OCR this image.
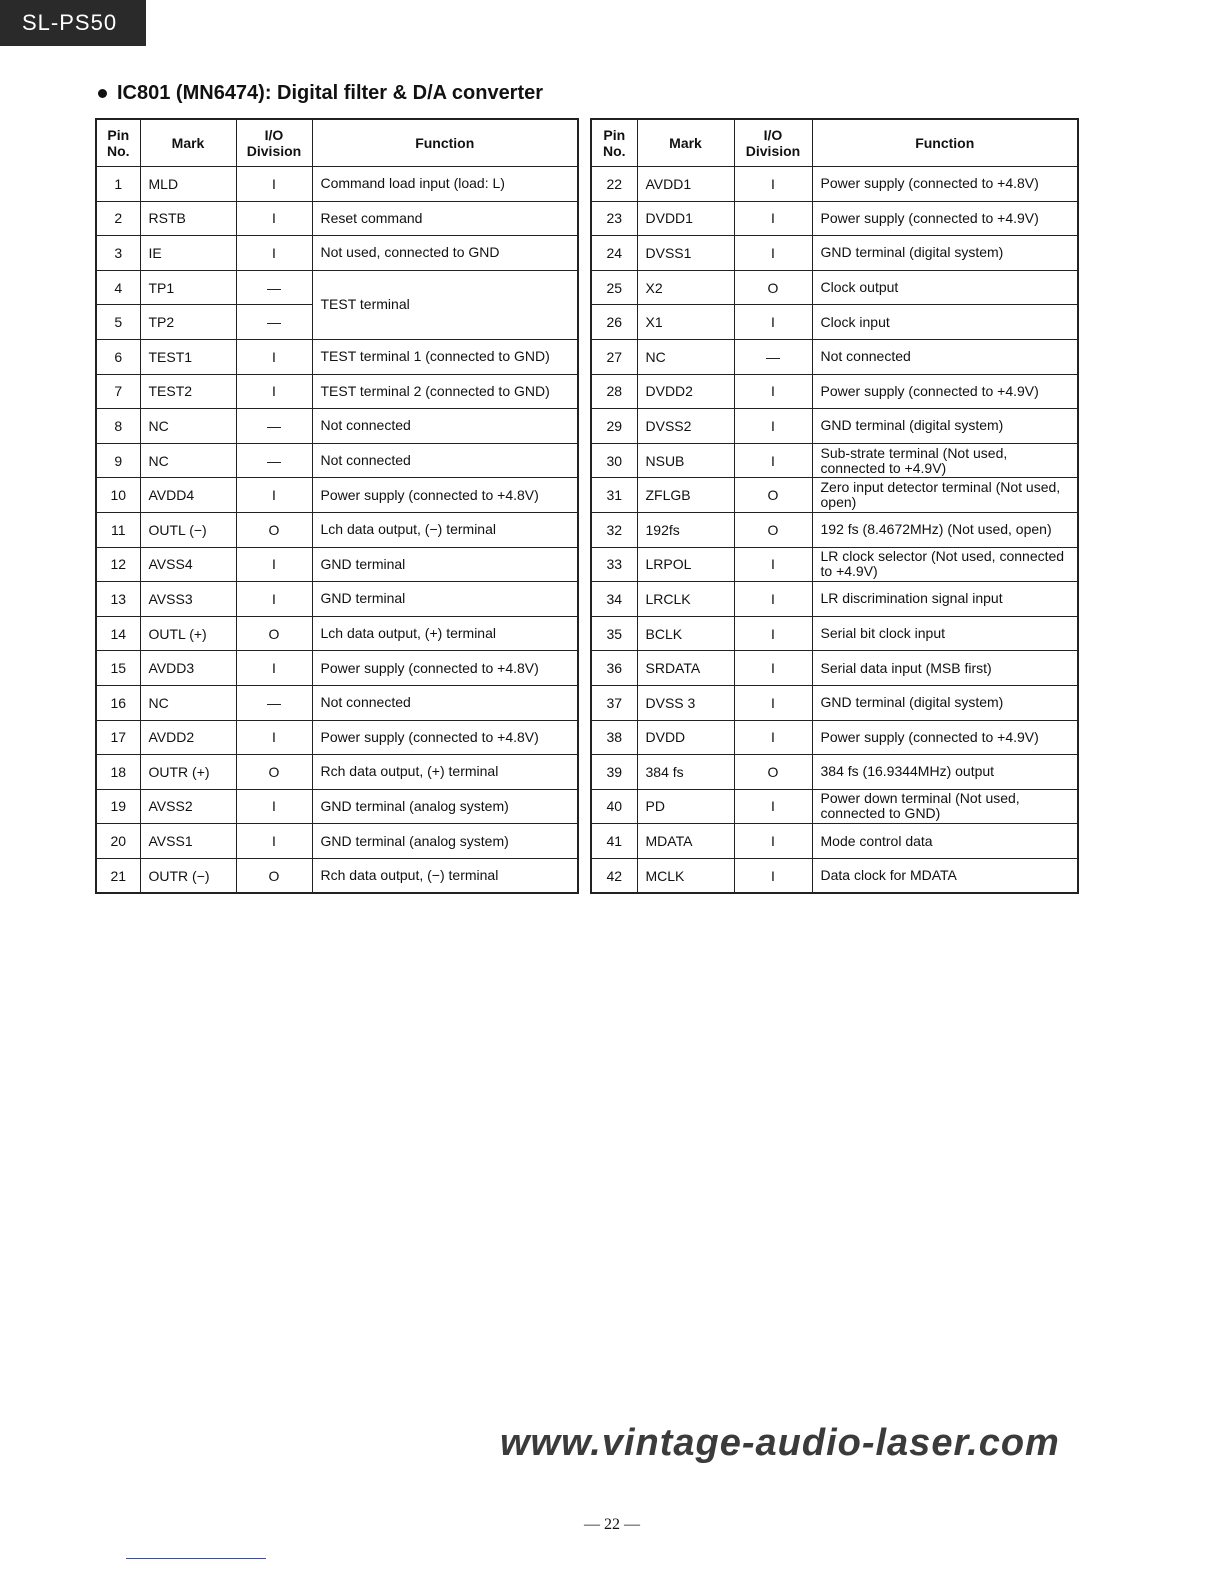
SL-PS50
IC801 (MN6474): Digital filter & D/A converter
Pin
No.	Mark	I/O
Division	Function
1	MLD	I	Command load input (load: L)
2	RSTB	I	Reset command
3	IE	I	Not used, connected to GND
4	TP1	—	TEST terminal
5	TP2	—	
6	TEST1	I	TEST terminal 1 (connected to GND)
7	TEST2	I	TEST terminal 2 (connected to GND)
8	NC	—	Not connected
9	NC	—	Not connected
10	AVDD4	I	Power supply (connected to +4.8V)
11	OUTL (−)	O	Lch data output, (−) terminal
12	AVSS4	I	GND terminal
13	AVSS3	I	GND terminal
14	OUTL (+)	O	Lch data output, (+) terminal
15	AVDD3	I	Power supply (connected to +4.8V)
16	NC	—	Not connected
17	AVDD2	I	Power supply (connected to +4.8V)
18	OUTR (+)	O	Rch data output, (+) terminal
19	AVSS2	I	GND terminal (analog system)
20	AVSS1	I	GND terminal (analog system)
21	OUTR (−)	O	Rch data output, (−) terminal
Pin
No.	Mark	I/O
Division	Function
22	AVDD1	I	Power supply (connected to +4.8V)
23	DVDD1	I	Power supply (connected to +4.9V)
24	DVSS1	I	GND terminal (digital system)
25	X2	O	Clock output
26	X1	I	Clock input
27	NC	—	Not connected
28	DVDD2	I	Power supply (connected to +4.9V)
29	DVSS2	I	GND terminal (digital system)
30	NSUB	I	Sub-strate terminal (Not used, connected to +4.9V)
31	ZFLGB	O	Zero input detector terminal (Not used, open)
32	192fs	O	192 fs (8.4672MHz) (Not used, open)
33	LRPOL	I	LR clock selector (Not used, connected to +4.9V)
34	LRCLK	I	LR discrimination signal input
35	BCLK	I	Serial bit clock input
36	SRDATA	I	Serial data input (MSB first)
37	DVSS 3	I	GND terminal (digital system)
38	DVDD	I	Power supply (connected to +4.9V)
39	384 fs	O	384 fs (16.9344MHz) output
40	PD	I	Power down terminal (Not used, connected to GND)
41	MDATA	I	Mode control data
42	MCLK	I	Data clock for MDATA
www.vintage-audio-laser.com
— 22 —
